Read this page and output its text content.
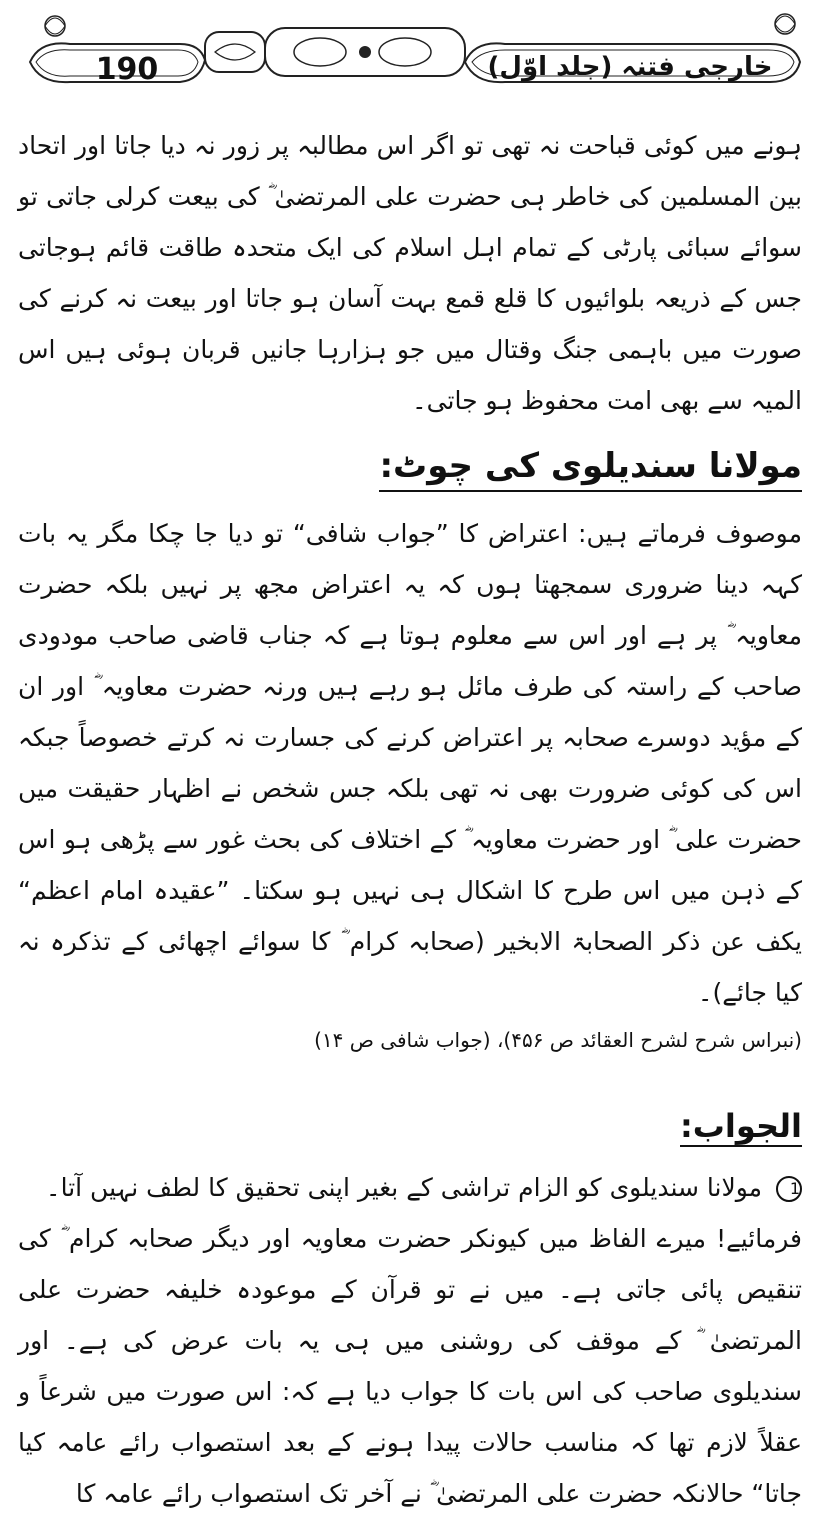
190	خارجی فتنہ (جلد اوّل)

ہونے میں کوئی قباحت نہ تھی تو اگر اس مطالبہ پر زور نہ دیا جاتا اور اتحاد بین المسلمین کی خاطر ہی حضرت علی المرتضیٰ ؓ کی بیعت کرلی جاتی تو سوائے سبائی پارٹی کے تمام اہل اسلام کی ایک متحدہ طاقت قائم ہوجاتی جس کے ذریعہ بلوائیوں کا قلع قمع بہت آسان ہو جاتا اور بیعت نہ کرنے کی صورت میں باہمی جنگ وقتال میں جو ہزارہا جانیں قربان ہوئی ہیں اس المیہ سے بھی امت محفوظ ہو جاتی۔

مولانا سندیلوی کی چوٹ:

موصوف فرماتے ہیں: اعتراض کا ”جواب شافی“ تو دیا جا چکا مگر یہ بات کہہ دینا ضروری سمجھتا ہوں کہ یہ اعتراض مجھ پر نہیں بلکہ حضرت معاویہ ؓ پر ہے اور اس سے معلوم ہوتا ہے کہ جناب قاضی صاحب مودودی صاحب کے راستہ کی طرف مائل ہو رہے ہیں ورنہ حضرت معاویہ ؓ اور ان کے مؤید دوسرے صحابہ پر اعتراض کرنے کی جسارت نہ کرتے خصوصاً جبکہ اس کی کوئی ضرورت بھی نہ تھی بلکہ جس شخص نے اظہار حقیقت میں حضرت علی ؓ اور حضرت معاویہ ؓ کے اختلاف کی بحث غور سے پڑھی ہو اس کے ذہن میں اس طرح کا اشکال ہی نہیں ہو سکتا۔ ”عقیدہ امام اعظم“ یکف عن ذکر الصحابۃ الابخیر (صحابہ کرام ؓ کا سوائے اچھائی کے تذکرہ نہ کیا جائے)۔

(نبراس شرح لشرح العقائد ص ۴۵۶)، (جواب شافی ص ۱۴)

الجواب:

1 مولانا سندیلوی کو الزام تراشی کے بغیر اپنی تحقیق کا لطف نہیں آتا۔

فرمائیے! میرے الفاظ میں کیونکر حضرت معاویہ اور دیگر صحابہ کرام ؓ کی تنقیص پائی جاتی ہے۔ میں نے تو قرآن کے موعودہ خلیفہ حضرت علی المرتضیٰ ؓ کے موقف کی روشنی میں ہی یہ بات عرض کی ہے۔ اور سندیلوی صاحب کی اس بات کا جواب دیا ہے کہ: اس صورت میں شرعاً و عقلاً لازم تھا کہ مناسب حالات پیدا ہونے کے بعد استصواب رائے عامہ کیا جاتا“ حالانکہ حضرت علی المرتضیٰ ؓ نے آخر تک استصواب رائے عامہ کا
